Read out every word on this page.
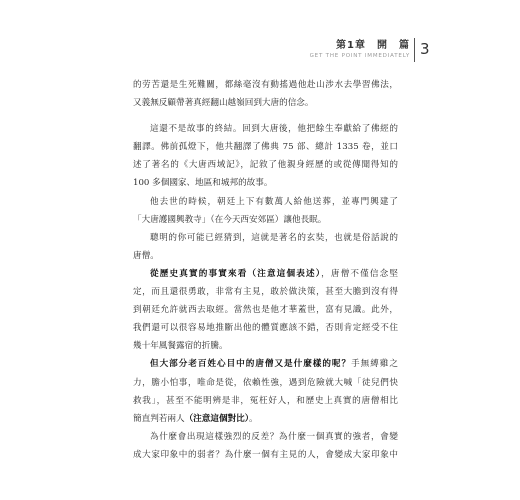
第1章　開　篇
GET THE POINT IMMEDIATELY 3
的劳苦還是生死難關，都絲毫沒有動搖過他赴山涉水去學習佛法，
又義無反顧帶著真經翻山越嶺回到大唐的信念。
這還不是故事的終結。回到大唐後，他把餘生奉獻給了佛經的
翻譯。佛前孤燈下，他共翻譯了佛典 75 部、總計 1335 卷，並口
述了著名的《大唐西域記》，記敘了他親身經歷的或從傳聞得知的
100 多個國家、地區和城邦的故事。
他去世的時候，朝廷上下有數萬人給他送葬，並專門興建了
「大唐護國興教寺」（在今天西安郊區）讓他長眠。
聰明的你可能已經猜到，這就是著名的玄奘，也就是俗話說的
唐僧。
從歷史真實的事實來看（注意這個表述），唐僧不僅信念堅
定，而且還很勇敢，非常有主見，敢於做決策，甚至大膽到沒有得
到朝廷允許就西去取經。當然也是他才華蓋世，富有見識。此外，
我們還可以很容易地推斷出他的體質應該不錯，否則肯定經受不住
幾十年風餐露宿的折騰。
但大部分老百姓心目中的唐僧又是什麼樣的呢？手無縛雞之
力，膽小怕事，唯命是從，依賴性強，遇到危險就大喊「徒兒們快
救我」，甚至不能明辨是非，冤枉好人，和歷史上真實的唐僧相比
簡直判若兩人（注意這個對比）。
為什麼會出現這樣強烈的反差？為什麼一個真實的強者，會變
成大家印象中的弱者？為什麼一個有主見的人，會變成大家印象中
